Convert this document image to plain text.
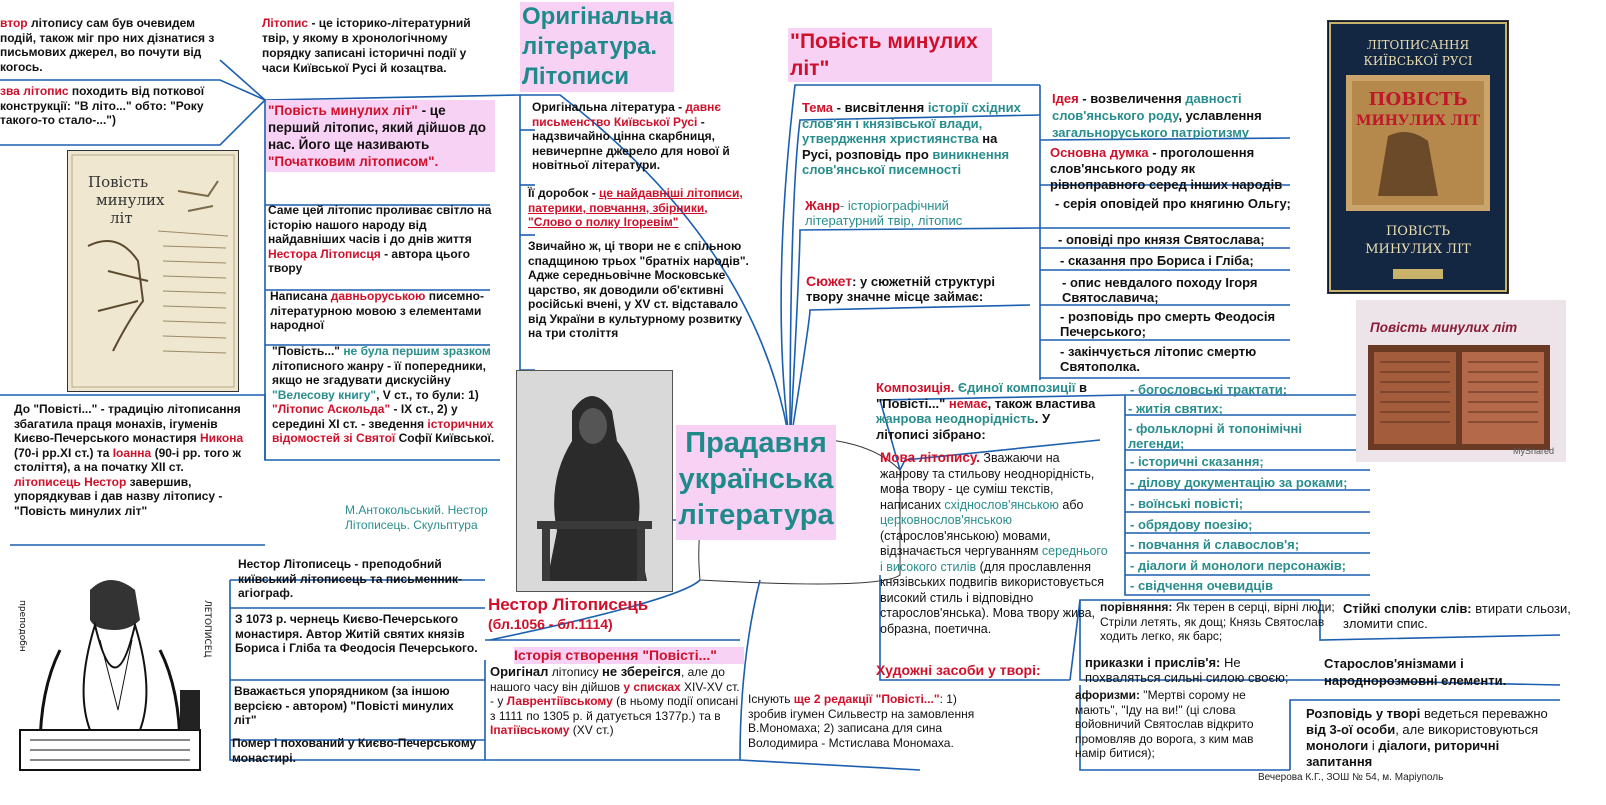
втор літопису сам був очевидем подій, також міг про них дізнатися з письмових джерел, во почути від когось.
зва літопис походить від поткової конструкції: "В літо..." обто: "Року такого-то стало-...")
Літопис - це історико-літературний твір, у якому в хронологічному порядку записані історичні події у часи Київської Русі й козацтва.
Оригінальна
література.
Літописи
Оригінальна література - давнє письменство Київської Русі - надзвичайно цінна скарбниця, невичерпне джерело для нової й новітньої літератури.
Її доробок - це найдавніші літописи, патерики, повчання, збірники, "Слово о полку Ігоревім"
Звичайно ж, ці твори не є спільною спадщиною трьох "братніх народів". Адже середньовічне Московське царство, як доводили об'єктивні російські вчені, у XV ст. відставало від України в культурному розвитку на три століття
"Повість минулих літ" - це перший літопис, який дійшов до нас. Його ще називають "Початковим літописом".
Саме цей літопис проливає світло на історію нашого народу від найдавніших часів і до днів життя Нестора Літописця - автора цього твору
Написана давньоруською писемно-літературною мовою з елементами народної
"Повість..." не була першим зразком літописного жанру - її попередники, якщо не згадувати дискусійну "Велесову книгу", V ст., то були: 1) "Літопис Аскольда" - IX ст., 2) у середині XI ст. - зведення історичних відомостей зі Святої Софії Київської.
Повість
минулих
літ
До "Повісті..." - традицію літописання збагатила праця монахів, ігуменів Києво-Печерського монастиря Никона (70-і рр.XI ст.) та Іоанна (90-і рр. того ж століття), а на початку XII ст. літописець Нестор завершив, упорядкував і дав назву літопису - "Повість минулих літ"	М.Антокольський. Нестор Літописець. Скульптура
Прадавня
українська
література
преподобн	ЛЕТОПИСЕЦ
Нестор Літописець - преподобний київський літописець та письменник-агіограф.
З 1073 р. чернець Києво-Печерського монастиря. Автор Житій святих князів Бориса і Гліба та Феодосія Печерського.
Вважається упорядником (за іншою версією - автором) "Повісті минулих літ"
Помер і похований у Києво-Печерському монастирі.
Нестор Літописець
(бл.1056 - бл.1114)
Історія створення "Повісті..."
Оригінал літопису не збереігся, але до нашого часу він дійшов у списках XIV-XV ст. - у Лаврентіївському (в ньому події описані з 1111 по 1305 р. й датується 1377р.) та в Іпатіївському (XV ст.)
Існують ще 2 редакції "Повісті...": 1) зробив ігумен Сильвестр на замовлення В.Мономаха; 2) записана для сина Володимира - Мстислава Мономаха.
"Повість минулих літ"
Тема - висвітлення історії східних слов'ян і князівської влади, утвердження християнства на Русі, розповідь про виникнення слов'янської писемності
Жанр- історіографічний літературний твір, літопис
Сюжет: у сюжетній структурі твору значне місце займає:
Ідея - возвеличення давності слов'янського роду, уславлення загальноруського патріотизму
Основна думка - проголошення слов'янського роду як рівноправного серед інших народів
- серія оповідей про княгиню Ольгу;
- оповіді про князя Святослава;
- сказання про Бориса і Гліба;
- опис невдалого походу Ігоря Святославича;
- розповідь про смерть Феодосія Печерського;
- закінчується літопис смертю Святополка.
ЛІТОПИСАННЯ
КИЇВСЬКОЇ РУСІ
ПОВІСТЬ
МИНУЛИХ ЛІТ
ПОВІСТЬ
МИНУЛИХ ЛІТ
Повість минулих літ
MyShared
Композиція. Єдиної композиції в "Повісті..." немає, також властива жанрова неоднорідність. У літописі зібрано:
- богословські трактати;
- житія святих;
- фольклорні й топонімічні легенди;
- історичні сказання;
- ділову документацію за роками;
- воїнські повісті;
- обрядову поезію;
- повчання й славослов'я;
- діалоги й монологи персонажів;
- свідчення очевидців
Мова літопису. Зважаючи на жанрову та стильову неоднорідність, мова твору - це суміш текстів, написаних східнослов'янською або церковнослов'янською (старослов'янською) мовами, відзначається чергуванням середнього і високого стилів (для прославлення князівських подвигів використовується високий стиль і відповідно старослов'янська). Мова твору жива, образна, поетична.
Художні засоби у творі:
порівняння: Як терен в серці, вірні люди; Стріли летять, як дощ; Князь Святослав ходить легко, як барс;
Стійкі сполуки слів: втирати сльози, зломити спис.
приказки і прислів'я: Не похваляться сильні силою своєю;
Старослов'янізмами і народнорозмовні елементи.
афоризми: "Мертві сорому не мають", "Іду на ви!" (ці слова войовничий Святослав відкрито промовляв до ворога, з ким мав намір битися);
Розповідь у творі ведеться переважно від 3-ої особи, але використовуються монологи і діалоги, риторичні запитання
Вечерова К.Г., ЗОШ № 54, м. Маріуполь
